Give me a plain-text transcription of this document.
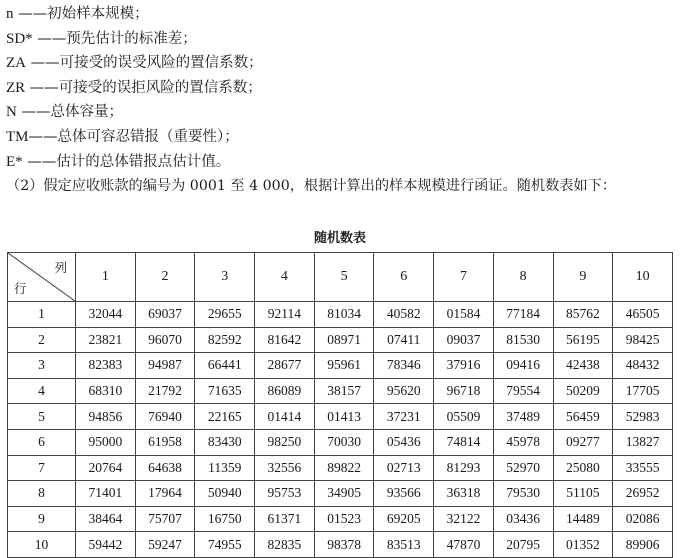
n ——初始样本规模；
SD* ——预先估计的标准差；
ZA ——可接受的误受风险的置信系数；
ZR ——可接受的误拒风险的置信系数；
N ——总体容量；
TM——总体可容忍错报（重要性）；
E* ——估计的总体错报点估计值。
（2）假定应收账款的编号为 0001 至 4 000，根据计算出的样本规模进行函证。随机数表如下：
随机数表
列
行	1	2	3	4	5	6	7	8	9	10
1	32044	69037	29655	92114	81034	40582	01584	77184	85762	46505
2	23821	96070	82592	81642	08971	07411	09037	81530	56195	98425
3	82383	94987	66441	28677	95961	78346	37916	09416	42438	48432
4	68310	21792	71635	86089	38157	95620	96718	79554	50209	17705
5	94856	76940	22165	01414	01413	37231	05509	37489	56459	52983
6	95000	61958	83430	98250	70030	05436	74814	45978	09277	13827
7	20764	64638	11359	32556	89822	02713	81293	52970	25080	33555
8	71401	17964	50940	95753	34905	93566	36318	79530	51105	26952
9	38464	75707	16750	61371	01523	69205	32122	03436	14489	02086
10	59442	59247	74955	82835	98378	83513	47870	20795	01352	89906
